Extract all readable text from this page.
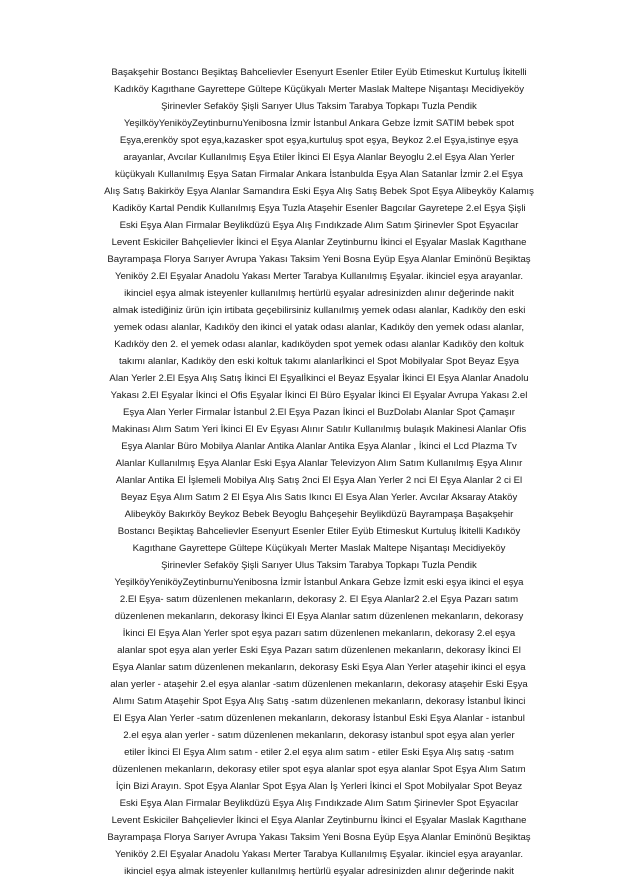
Başakşehir Bostancı Beşiktaş Bahcelievler Esenyurt Esenler Etiler Eyüb Etimeskut Kurtuluş İkitelli
Kadıköy Kagıthane Gayrettepe Gültepe Küçükyalı Merter Maslak Maltepe Nişantaşı Mecidiyeköy
Şirinevler Sefaköy Şişli Sarıyer Ulus Taksim Tarabya Topkapı Tuzla Pendik
YeşilköyYeniköyZeytinburnuYenibosna İzmir İstanbul Ankara Gebze İzmit SATIM bebek spot
Eşya,erenköy spot eşya,kazasker spot eşya,kurtuluş spot eşya, Beykoz 2.el Eşya,istinye eşya
arayanlar, Avcılar Kullanılmış Eşya Etiler İkinci El Eşya Alanlar Beyoglu 2.el Eşya Alan Yerler
küçükyalı Kullanılmış Eşya Satan Firmalar Ankara İstanbulda Eşya Alan Satanlar İzmir 2.el Eşya
Alış Satış Bakirköy Eşya Alanlar Samandıra Eski Eşya Alış Satış Bebek Spot Eşya Alibeyköy Kalamış
Kadiköy Kartal Pendik Kullanılmış Eşya Tuzla Ataşehir Esenler Bagcılar Gayretepe 2.el Eşya Şişli
Eski Eşya Alan Firmalar Beylikdüzü Eşya Alış Fındıkzade Alım Satım Şirinevler Spot Eşyacılar
Levent Eskiciler Bahçelievler İkinci el Eşya Alanlar Zeytinburnu İkinci el Eşyalar Maslak Kagıthane
Bayrampaşa Florya Sarıyer Avrupa Yakası Taksim Yeni Bosna Eyüp Eşya Alanlar Eminönü Beşiktaş
Yeniköy 2.El Eşyalar Anadolu Yakası Merter Tarabya Kullanılmış Eşyalar. ikinciel eşya arayanlar.
ikinciel eşya almak isteyenler kullanılmış hertürlü eşyalar adresinizden alınır değerinde nakit
almak istediğiniz ürün için irtibata geçebilirsiniz kullanılmış yemek odası alanlar, Kadıköy den eski
yemek odası alanlar, Kadıköy den ikinci el yatak odası alanlar, Kadıköy den yemek odası alanlar,
Kadıköy den 2. el yemek odası alanlar, kadıköyden spot yemek odası alanlar Kadıköy den koltuk
takımı alanlar, Kadıköy den eski koltuk takımı alanlarİkinci el Spot Mobilyalar Spot Beyaz Eşya
Alan Yerler 2.El Eşya Alış Satış İkinci El Eşyalİkinci el Beyaz Eşyalar İkinci El Eşya Alanlar Anadolu
Yakası 2.El Eşyalar İkinci el Ofis Eşyalar İkinci El Büro Eşyalar İkinci El Eşyalar Avrupa Yakası 2.el
Eşya Alan Yerler Firmalar İstanbul 2.El Eşya Pazan İkinci el BuzDolabı Alanlar Spot Çamaşır
Makinası Alım Satım Yeri İkinci El Ev Eşyası Alınır Satılır Kullanılmış bulaşık Makinesi Alanlar Ofis
Eşya Alanlar Büro Mobilya Alanlar Antika Alanlar Antika Eşya Alanlar , İkinci el Lcd Plazma Tv
Alanlar Kullanılmış Eşya Alanlar Eski Eşya Alanlar Televizyon Alım Satım Kullanılmış Eşya Alınır
Alanlar Antika El İşlemeli Mobilya Alış Satış 2nci El Eşya Alan Yerler 2 nci El Eşya Alanlar 2 ci El
Beyaz Eşya Alım Satım 2 El Eşya Alıs Satıs Ikıncı El Esya Alan Yerler. Avcılar Aksaray Ataköy
Alibeyköy Bakırköy Beykoz Bebek Beyoglu Bahçeşehir Beylikdüzü Bayrampaşa Başakşehir
Bostancı Beşiktaş Bahcelievler Esenyurt Esenler Etiler Eyüb Etimeskut Kurtuluş İkitelli Kadıköy
Kagıthane Gayrettepe Gültepe Küçükyalı Merter Maslak Maltepe Nişantaşı Mecidiyeköy
Şirinevler Sefaköy Şişli Sarıyer Ulus Taksim Tarabya Topkapı Tuzla Pendik
YeşilköyYeniköyZeytinburnuYenibosna İzmir İstanbul Ankara Gebze İzmit eski eşya ikinci el eşya
2.El Eşya- satım düzenlenen mekanların, dekorasy 2. El Eşya Alanlar2 2.el Eşya Pazarı satım
düzenlenen mekanların, dekorasy İkinci El Eşya Alanlar satım düzenlenen mekanların, dekorasy
İkinci El Eşya Alan Yerler spot eşya pazarı satım düzenlenen mekanların, dekorasy 2.el eşya
alanlar spot eşya alan yerler Eski Eşya Pazarı satım düzenlenen mekanların, dekorasy İkinci El
Eşya Alanlar satım düzenlenen mekanların, dekorasy Eski Eşya Alan Yerler ataşehir ikinci el eşya
alan yerler - ataşehir 2.el eşya alanlar -satım düzenlenen mekanların, dekorasy ataşehir Eski Eşya
Alımı Satım Ataşehir Spot Eşya Alış Satış -satım düzenlenen mekanların, dekorasy İstanbul İkinci
El Eşya Alan Yerler -satım düzenlenen mekanların, dekorasy İstanbul Eski Eşya Alanlar - istanbul
2.el eşya alan yerler - satım düzenlenen mekanların, dekorasy istanbul spot eşya alan yerler
etiler İkinci El Eşya Alım satım - etiler 2.el eşya alım satım - etiler Eski Eşya Alış satış -satım
düzenlenen mekanların, dekorasy etiler spot eşya alanlar spot eşya alanlar Spot Eşya Alım Satım
İçin Bizi Arayın. Spot Eşya Alanlar Spot Eşya Alan İş Yerleri İkinci el Spot Mobilyalar Spot Beyaz
Eski Eşya Alan Firmalar Beylikdüzü Eşya Alış Fındıkzade Alım Satım Şirinevler Spot Eşyacılar
Levent Eskiciler Bahçelievler İkinci el Eşya Alanlar Zeytinburnu İkinci el Eşyalar Maslak Kagıthane
Bayrampaşa Florya Sarıyer Avrupa Yakası Taksim Yeni Bosna Eyüp Eşya Alanlar Eminönü Beşiktaş
Yeniköy 2.El Eşyalar Anadolu Yakası Merter Tarabya Kullanılmış Eşyalar. ikinciel eşya arayanlar.
ikinciel eşya almak isteyenler kullanılmış hertürlü eşyalar adresinizden alınır değerinde nakit
